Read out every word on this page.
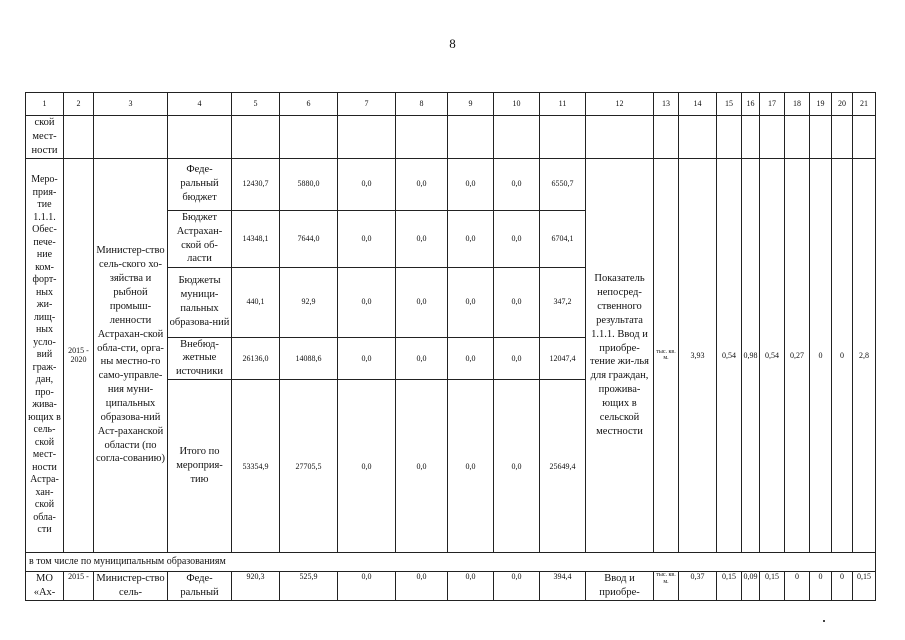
8
1	2	3	4	5	6	7	8	9	10	11	12	13	14	15	16	17	18	19	20	21
ской мест-ности																				
Меро-прия-тие 1.1.1. Обес-пече-ние ком-форт-ных жи-лищ-ных усло-вий граж-дан, про-жива-ющих в сель-ской мест-ности Астра-хан-ской обла-сти	2015 - 2020	Министер-ство сель-ского хо-зяйства и рыбной промыш-ленности Астрахан-ской обла-сти, орга-ны местно-го само-управле-ния муни-ципальных образова-ний Аст-раханской области (по согла-сованию)	Феде-ральный бюджет	12430,7	5880,0	0,0	0,0	0,0	0,0	6550,7	Показатель непосред-ственного результата 1.1.1. Ввод и приобре-тение жи-лья для граждан, прожива-ющих в сельской местности	тыс. кв. м.	3,93	0,54	0,98	0,54	0,27	0	0	2,8
			Бюджет Астрахан-ской об-ласти	14348,1	7644,0	0,0	0,0	0,0	0,0	6704,1										
			Бюджеты муници-пальных образова-ний	440,1	92,9	0,0	0,0	0,0	0,0	347,2										
			Внебюд-жетные источники	26136,0	14088,6	0,0	0,0	0,0	0,0	12047,4										
			Итого по мероприя-тию	53354,9	27705,5	0,0	0,0	0,0	0,0	25649,4										
в том числе по муниципальным образованиям																				
МО «Ах-	2015 -	Министер-ство сель-	Феде-ральный	920,3	525,9	0,0	0,0	0,0	0,0	394,4	Ввод и приобре-	тыс. кв. м.	0,37	0,15	0,09	0,15	0	0	0	0,15
